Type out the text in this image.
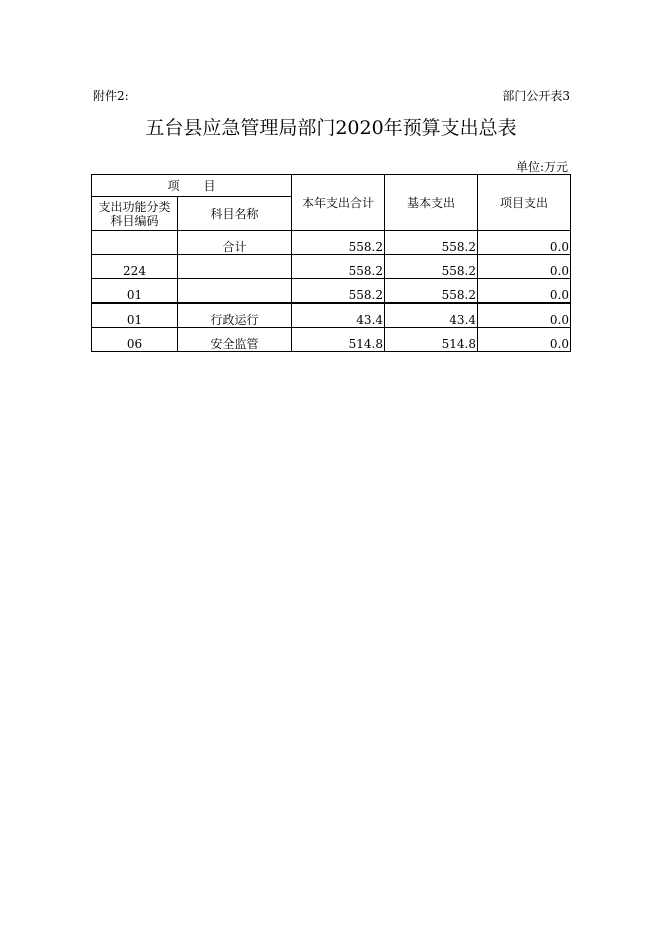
附件2:	部门公开表3
五台县应急管理局部门2020年预算支出总表
单位:万元
项　　目		本年支出合计	基本支出	项目支出
支出功能分类科目编码	科目名称			
	合计	558.2	558.2	0.0
224		558.2	558.2	0.0
01		558.2	558.2	0.0
01	行政运行	43.4	43.4	0.0
06	安全监管	514.8	514.8	0.0
